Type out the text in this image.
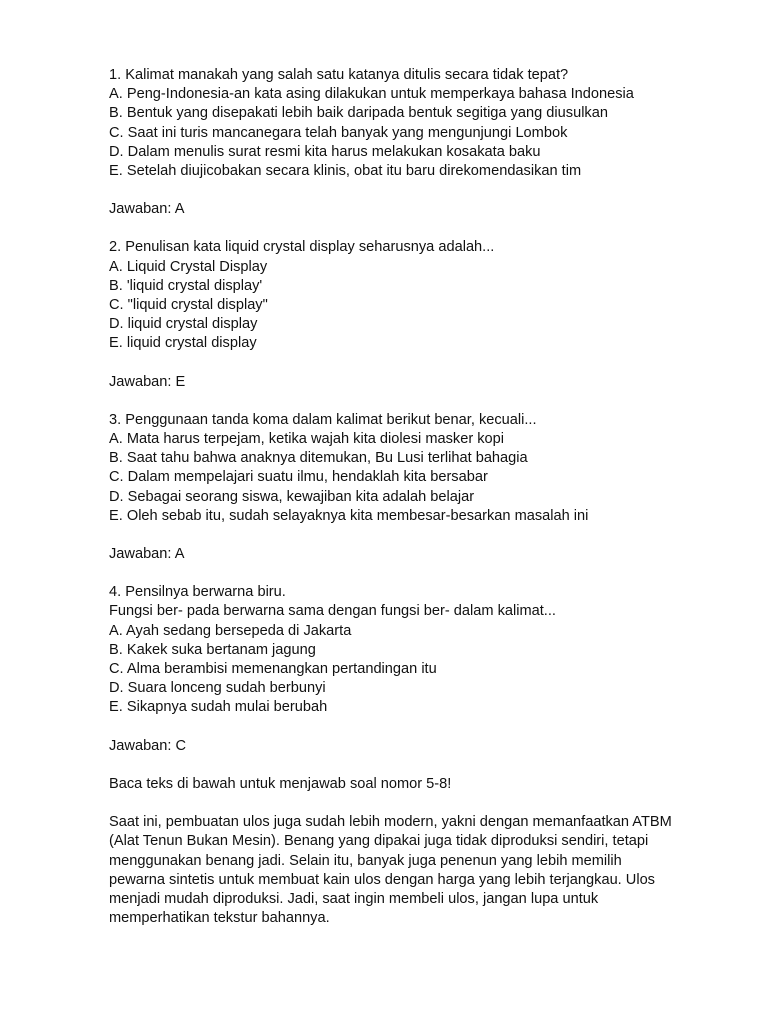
1. Kalimat manakah yang salah satu katanya ditulis secara tidak tepat?
A. Peng-Indonesia-an kata asing dilakukan untuk memperkaya bahasa Indonesia
B. Bentuk yang disepakati lebih baik daripada bentuk segitiga yang diusulkan
C. Saat ini turis mancanegara telah banyak yang mengunjungi Lombok
D. Dalam menulis surat resmi kita harus melakukan kosakata baku
E. Setelah diujicobakan secara klinis, obat itu baru direkomendasikan tim
Jawaban: A
2. Penulisan kata liquid crystal display seharusnya adalah...
A. Liquid Crystal Display
B. 'liquid crystal display'
C. "liquid crystal display"
D. liquid crystal display
E. liquid crystal display
Jawaban: E
3. Penggunaan tanda koma dalam kalimat berikut benar, kecuali...
A. Mata harus terpejam, ketika wajah kita diolesi masker kopi
B. Saat tahu bahwa anaknya ditemukan, Bu Lusi terlihat bahagia
C. Dalam mempelajari suatu ilmu, hendaklah kita bersabar
D. Sebagai seorang siswa, kewajiban kita adalah belajar
E. Oleh sebab itu, sudah selayaknya kita membesar-besarkan masalah ini
Jawaban: A
4. Pensilnya berwarna biru.
Fungsi ber- pada berwarna sama dengan fungsi ber- dalam kalimat...
A. Ayah sedang bersepeda di Jakarta
B. Kakek suka bertanam jagung
C. Alma berambisi memenangkan pertandingan itu
D. Suara lonceng sudah berbunyi
E. Sikapnya sudah mulai berubah
Jawaban: C
Baca teks di bawah untuk menjawab soal nomor 5-8!
Saat ini, pembuatan ulos juga sudah lebih modern, yakni dengan memanfaatkan ATBM
(Alat Tenun Bukan Mesin). Benang yang dipakai juga tidak diproduksi sendiri, tetapi
menggunakan benang jadi. Selain itu, banyak juga penenun yang lebih memilih
pewarna sintetis untuk membuat kain ulos dengan harga yang lebih terjangkau. Ulos
menjadi mudah diproduksi. Jadi, saat ingin membeli ulos, jangan lupa untuk
memperhatikan tekstur bahannya.
